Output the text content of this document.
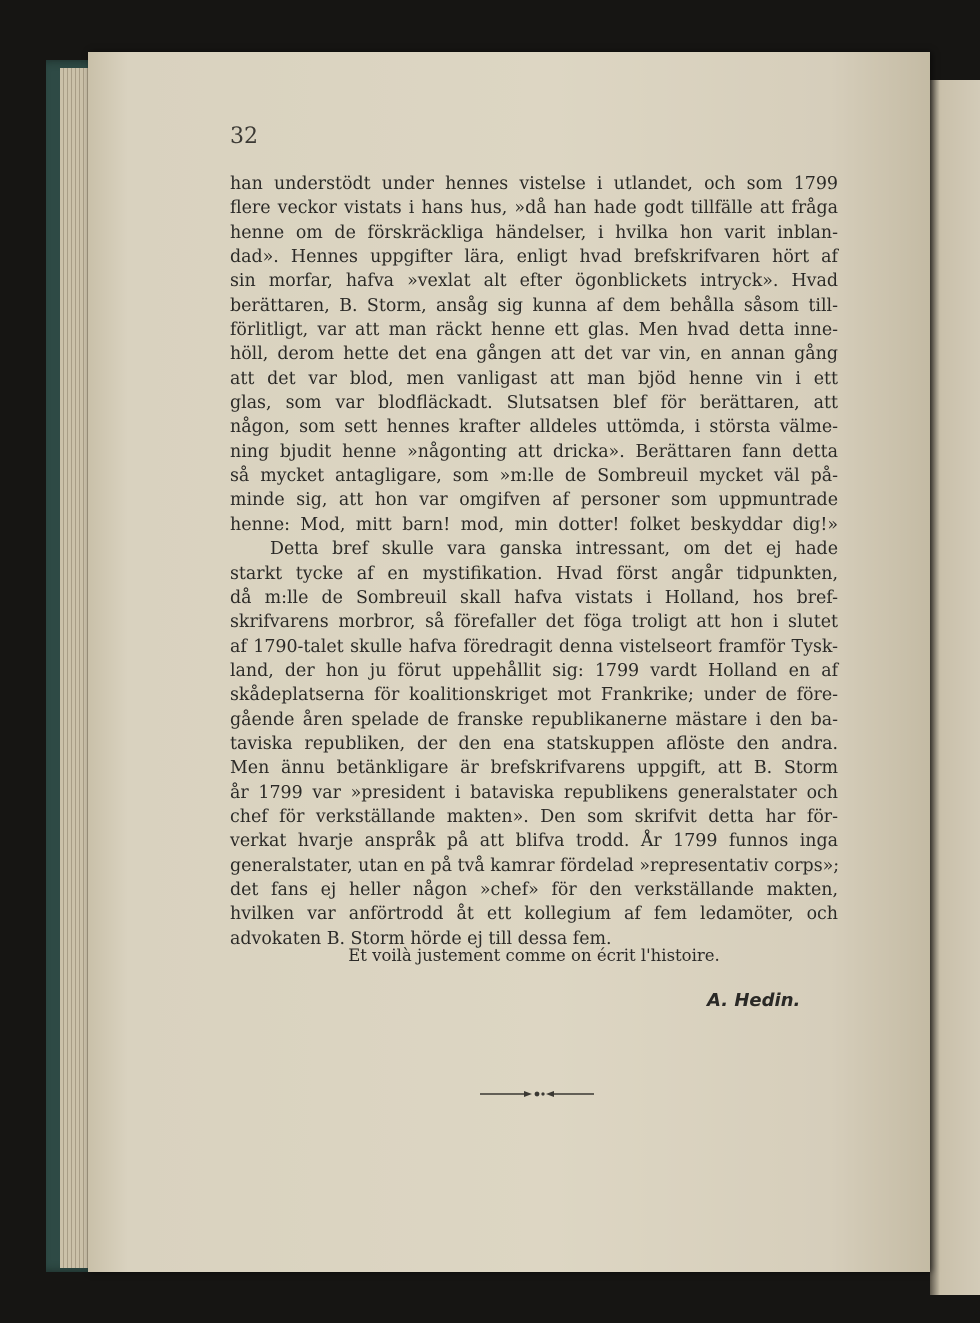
32
han understödt under hennes vistelse i utlandet, och som 1799
flere veckor vistats i hans hus, »då han hade godt tillfälle att fråga
henne om de förskräckliga händelser, i hvilka hon varit inblan-
dad». Hennes uppgifter lära, enligt hvad brefskrifvaren hört af
sin morfar, hafva »vexlat alt efter ögonblickets intryck». Hvad
berättaren, B. Storm, ansåg sig kunna af dem behålla såsom till-
förlitligt, var att man räckt henne ett glas. Men hvad detta inne-
höll, derom hette det ena gången att det var vin, en annan gång
att det var blod, men vanligast att man bjöd henne vin i ett
glas, som var blodfläckadt. Slutsatsen blef för berättaren, att
någon, som sett hennes krafter alldeles uttömda, i största välme-
ning bjudit henne »någonting att dricka». Berättaren fann detta
så mycket antagligare, som »m:lle de Sombreuil mycket väl på-
minde sig, att hon var omgifven af personer som uppmuntrade
henne: Mod, mitt barn! mod, min dotter! folket beskyddar dig!»
Detta bref skulle vara ganska intressant, om det ej hade
starkt tycke af en mystifikation. Hvad först angår tidpunkten,
då m:lle de Sombreuil skall hafva vistats i Holland, hos bref-
skrifvarens morbror, så förefaller det föga troligt att hon i slutet
af 1790-talet skulle hafva föredragit denna vistelseort framför Tysk-
land, der hon ju förut uppehållit sig: 1799 vardt Holland en af
skådeplatserna för koalitionskriget mot Frankrike; under de före-
gående åren spelade de franske republikanerne mästare i den ba-
taviska republiken, der den ena statskuppen aflöste den andra.
Men ännu betänkligare är brefskrifvarens uppgift, att B. Storm
år 1799 var »president i bataviska republikens generalstater och
chef för verkställande makten». Den som skrifvit detta har för-
verkat hvarje anspråk på att blifva trodd. År 1799 funnos inga
generalstater, utan en på två kamrar fördelad »representativ corps»;
det fans ej heller någon »chef» för den verkställande makten,
hvilken var anförtrodd åt ett kollegium af fem ledamöter, och
advokaten B. Storm hörde ej till dessa fem.
Et voilà justement comme on écrit l'histoire.
A. Hedin.
